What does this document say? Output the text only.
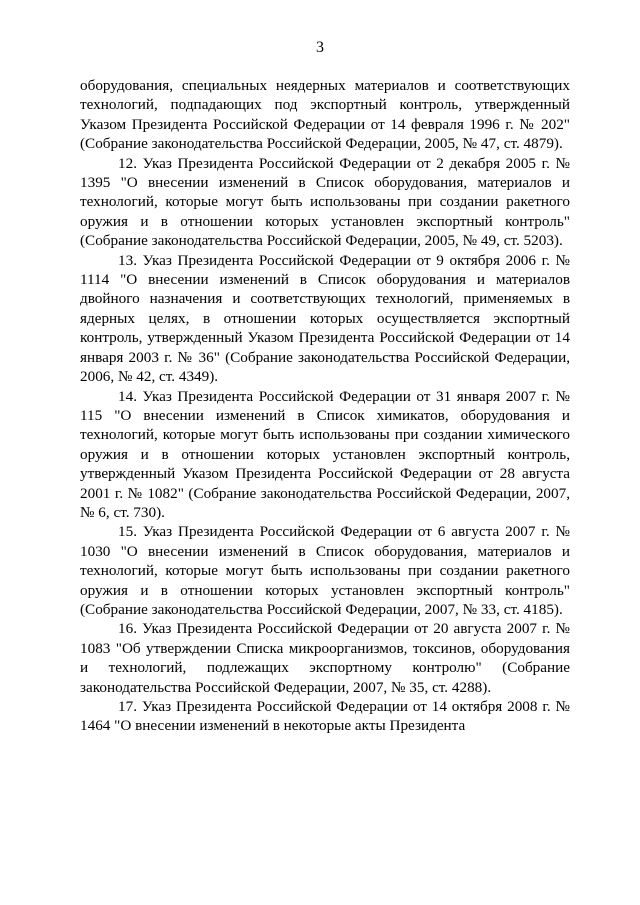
3

оборудования, специальных неядерных материалов и соответствующих технологий, подпадающих под экспортный контроль, утвержденный Указом Президента Российской Федерации от 14 февраля 1996 г. № 202" (Собрание законодательства Российской Федерации, 2005, № 47, ст. 4879).

12. Указ Президента Российской Федерации от 2 декабря 2005 г. № 1395 "О внесении изменений в Список оборудования, материалов и технологий, которые могут быть использованы при создании ракетного оружия и в отношении которых установлен экспортный контроль" (Собрание законодательства Российской Федерации, 2005, № 49, ст. 5203).

13. Указ Президента Российской Федерации от 9 октября 2006 г. № 1114 "О внесении изменений в Список оборудования и материалов двойного назначения и соответствующих технологий, применяемых в ядерных целях, в отношении которых осуществляется экспортный контроль, утвержденный Указом Президента Российской Федерации от 14 января 2003 г. № 36" (Собрание законодательства Российской Федерации, 2006, № 42, ст. 4349).

14. Указ Президента Российской Федерации от 31 января 2007 г. № 115 "О внесении изменений в Список химикатов, оборудования и технологий, которые могут быть использованы при создании химического оружия и в отношении которых установлен экспортный контроль, утвержденный Указом Президента Российской Федерации от 28 августа 2001 г. № 1082" (Собрание законодательства Российской Федерации, 2007, № 6, ст. 730).

15. Указ Президента Российской Федерации от 6 августа 2007 г. № 1030 "О внесении изменений в Список оборудования, материалов и технологий, которые могут быть использованы при создании ракетного оружия и в отношении которых установлен экспортный контроль" (Собрание законодательства Российской Федерации, 2007, № 33, ст. 4185).

16. Указ Президента Российской Федерации от 20 августа 2007 г. № 1083 "Об утверждении Списка микроорганизмов, токсинов, оборудования и технологий, подлежащих экспортному контролю" (Собрание законодательства Российской Федерации, 2007, № 35, ст. 4288).

17. Указ Президента Российской Федерации от 14 октября 2008 г. № 1464 "О внесении изменений в некоторые акты Президента
